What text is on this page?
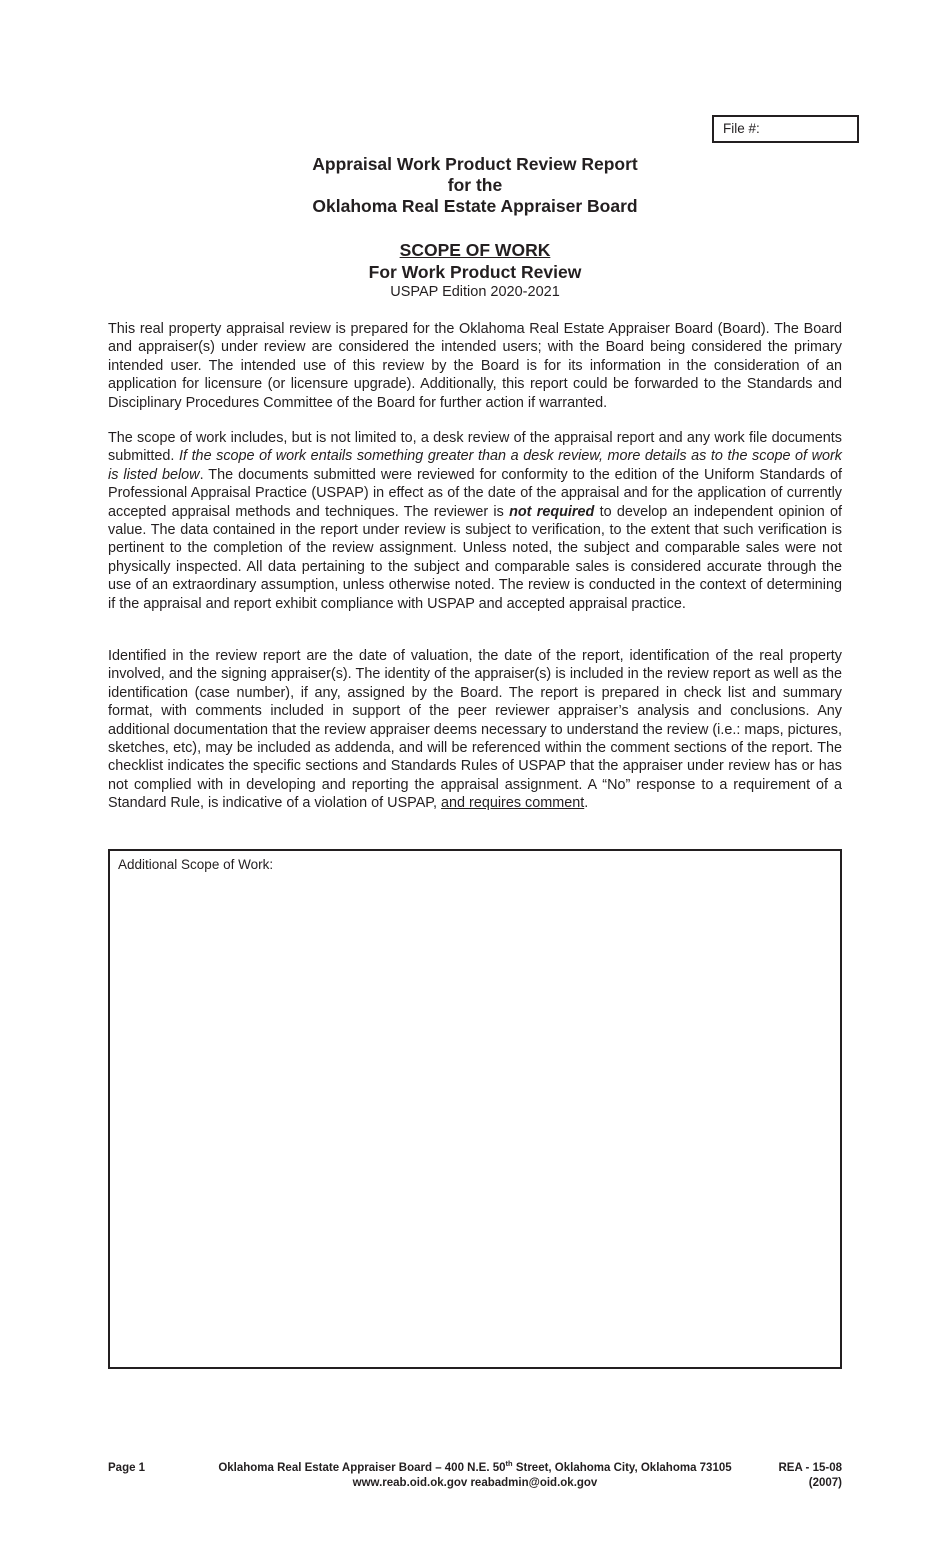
File #:
Appraisal Work Product Review Report
for the
Oklahoma Real Estate Appraiser Board
SCOPE OF WORK
For Work Product Review
USPAP Edition 2020-2021

This real property appraisal review is prepared for the Oklahoma Real Estate Appraiser Board (Board). The Board and appraiser(s) under review are considered the intended users; with the Board being considered the primary intended user. The intended use of this review by the Board is for its information in the consideration of an application for licensure (or licensure upgrade). Additionally, this report could be forwarded to the Standards and Disciplinary Procedures Committee of the Board for further action if warranted.

The scope of work includes, but is not limited to, a desk review of the appraisal report and any work file documents submitted. If the scope of work entails something greater than a desk review, more details as to the scope of work is listed below. The documents submitted were reviewed for conformity to the edition of the Uniform Standards of Professional Appraisal Practice (USPAP) in effect as of the date of the appraisal and for the application of currently accepted appraisal methods and techniques. The reviewer is not required to develop an independent opinion of value. The data contained in the report under review is subject to verification, to the extent that such verification is pertinent to the completion of the review assignment. Unless noted, the subject and comparable sales were not physically inspected. All data pertaining to the subject and comparable sales is considered accurate through the use of an extraordinary assumption, unless otherwise noted. The review is conducted in the context of determining if the appraisal and report exhibit compliance with USPAP and accepted appraisal practice.

Identified in the review report are the date of valuation, the date of the report, identification of the real property involved, and the signing appraiser(s). The identity of the appraiser(s) is included in the review report as well as the identification (case number), if any, assigned by the Board. The report is prepared in check list and summary format, with comments included in support of the peer reviewer appraiser’s analysis and conclusions. Any additional documentation that the review appraiser deems necessary to understand the review (i.e.: maps, pictures, sketches, etc), may be included as addenda, and will be referenced within the comment sections of the report. The checklist indicates the specific sections and Standards Rules of USPAP that the appraiser under review has or has not complied with in developing and reporting the appraisal assignment. A “No” response to a requirement of a Standard Rule, is indicative of a violation of USPAP, and requires comment.

Additional Scope of Work:
Page 1	Oklahoma Real Estate Appraiser Board – 400 N.E. 50th Street, Oklahoma City, Oklahoma 73105
www.reab.oid.ok.gov reabadmin@oid.ok.gov
REA - 15-08
(2007)
